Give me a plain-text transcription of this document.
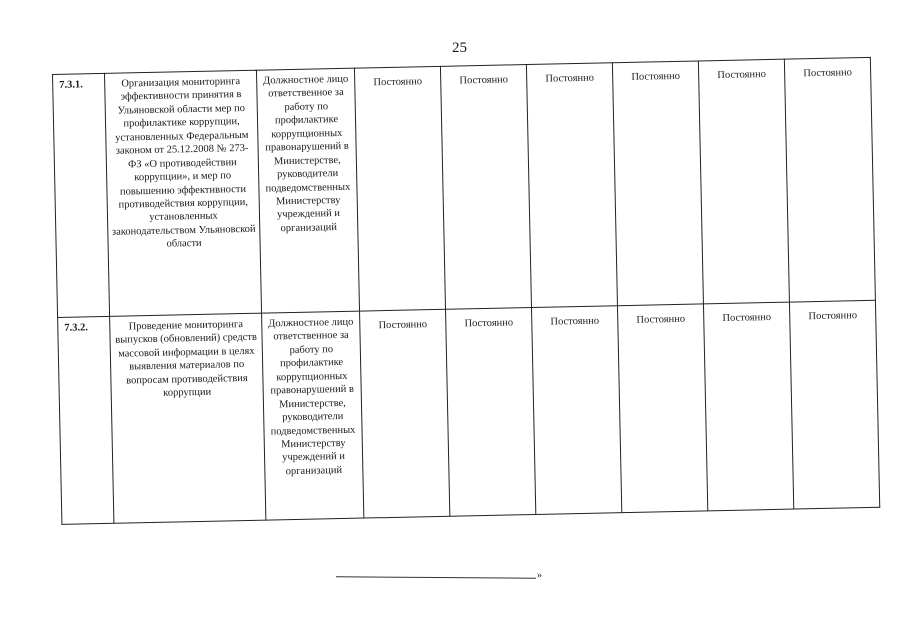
25
7.3.1.	Организация мониторинга эффективности принятия в Ульяновской области мер по профилактике коррупции, установленных Федеральным законом от 25.12.2008 № 273-ФЗ «О противодействии коррупции», и мер по повышению эффективности противодействия коррупции, установленных законодательством Ульяновской области	Должностное лицо ответственное за работу по профилактике коррупционных правонарушений в Министерстве, руководители подведомственных Министерству учреждений и организаций	Постоянно	Постоянно	Постоянно	Постоянно	Постоянно	Постоянно
7.3.2.	Проведение мониторинга выпусков (обновлений) средств массовой информации в целях выявления материалов по вопросам противодействия коррупции	Должностное лицо ответственное за работу по профилактике коррупционных правонарушений в Министерстве, руководители подведомственных Министерству учреждений и организаций	Постоянно	Постоянно	Постоянно	Постоянно	Постоянно	Постоянно
»
